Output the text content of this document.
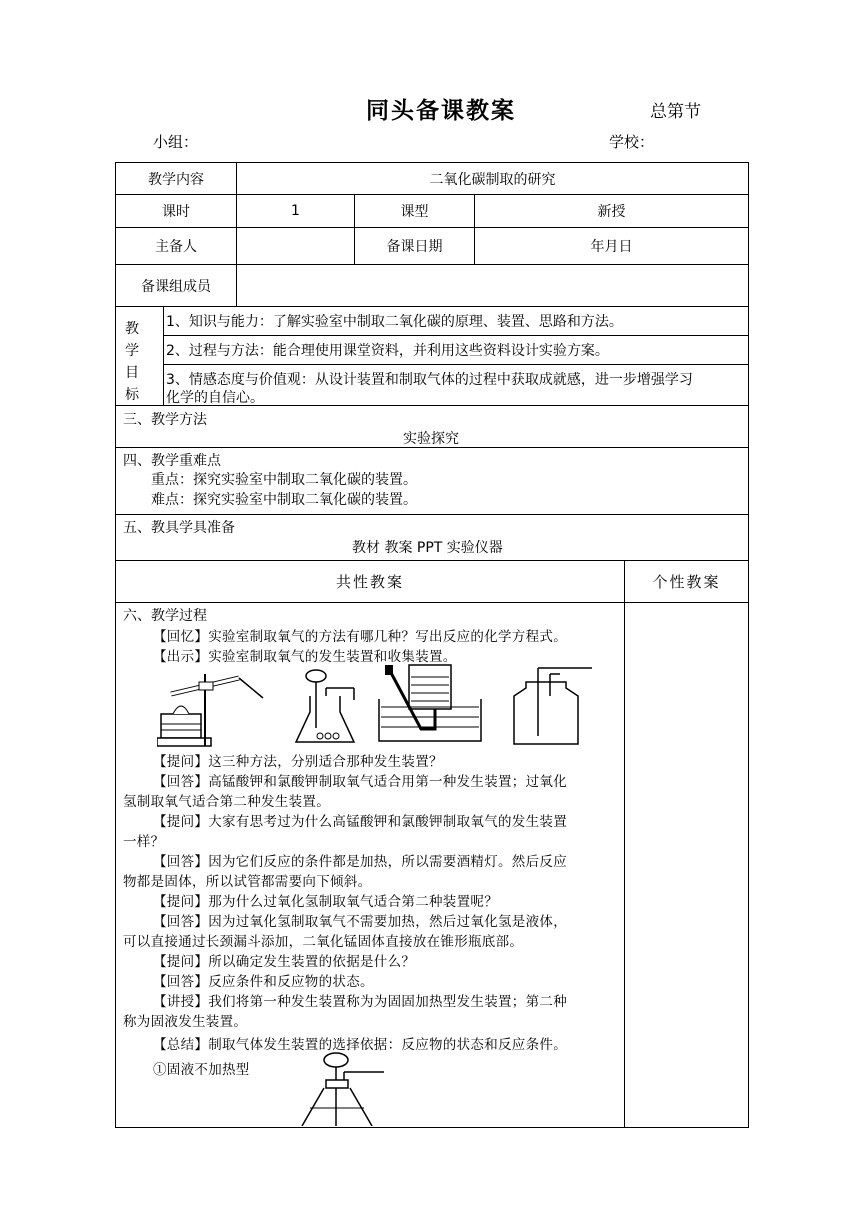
同头备课教案	总第节
小组：	学校：
教学内容	二氧化碳制取的研究
课时	1	课型	新授
主备人	备课日期	年月日
备课组成员
教学目标
1、知识与能力：了解实验室中制取二氧化碳的原理、装置、思路和方法。
2、过程与方法：能合理使用课堂资料，并利用这些资料设计实验方案。
3、情感态度与价值观：从设计装置和制取气体的过程中获取成就感，进一步增强学习
化学的自信心。
三、教学方法
实验探究
四、教学重难点
重点：探究实验室中制取二氧化碳的装置。
难点：探究实验室中制取二氧化碳的装置。
五、教具学具准备
教材 教案 PPT 实验仪器
共性教案	个性教案
六、教学过程
【回忆】实验室制取氧气的方法有哪几种？写出反应的化学方程式。
【出示】实验室制取氧气的发生装置和收集装置。
【提问】这三种方法，分别适合那种发生装置？
【回答】高锰酸钾和氯酸钾制取氧气适合用第一种发生装置；过氧化
氢制取氧气适合第二种发生装置。
【提问】大家有思考过为什么高锰酸钾和氯酸钾制取氧气的发生装置
一样？
【回答】因为它们反应的条件都是加热，所以需要酒精灯。然后反应
物都是固体，所以试管都需要向下倾斜。
【提问】那为什么过氧化氢制取氧气适合第二种装置呢？
【回答】因为过氧化氢制取氧气不需要加热，然后过氧化氢是液体，
可以直接通过长颈漏斗添加，二氧化锰固体直接放在锥形瓶底部。
【提问】所以确定发生装置的依据是什么？
【回答】反应条件和反应物的状态。
【讲授】我们将第一种发生装置称为为固固加热型发生装置；第二种
称为固液发生装置。
【总结】制取气体发生装置的选择依据：反应物的状态和反应条件。
①固液不加热型
